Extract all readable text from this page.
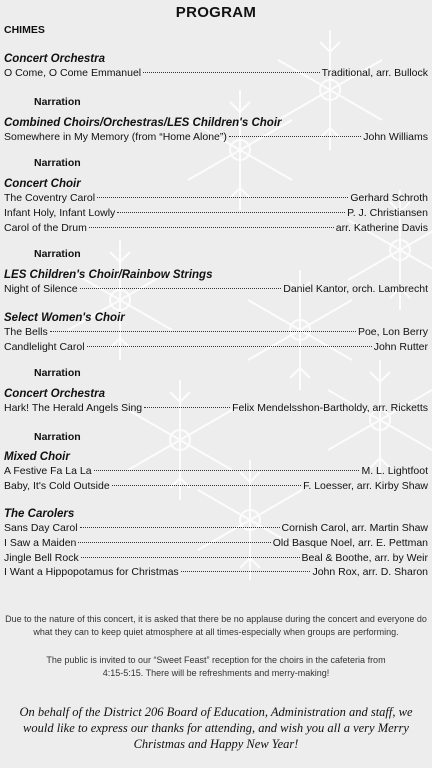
PROGRAM
CHIMES
Concert Orchestra
O Come, O Come Emmanuel	Traditional, arr. Bullock
Narration
Combined Choirs/Orchestras/LES Children's Choir
Somewhere in My Memory (from “Home Alone”)	John Williams
Narration
Concert Choir
The Coventry Carol	Gerhard Schroth
Infant Holy, Infant Lowly	P. J. Christiansen
Carol of the Drum	arr. Katherine Davis
Narration
LES Children's Choir/Rainbow Strings
Night of Silence	Daniel Kantor, orch. Lambrecht
Select Women's Choir
The Bells	Poe, Lon Berry
Candlelight Carol	John Rutter
Narration
Concert Orchestra
Hark! The Herald Angels Sing	Felix Mendelsshon-Bartholdy, arr. Ricketts
Narration
Mixed Choir
A Festive Fa La La	M. L. Lightfoot
Baby, It's Cold Outside	F. Loesser, arr. Kirby Shaw
The Carolers
Sans Day Carol	Cornish Carol, arr. Martin Shaw
I Saw a Maiden	Old Basque Noel, arr. E. Pettman
Jingle Bell Rock	Beal & Boothe, arr. by Weir
I Want a Hippopotamus for Christmas	John Rox, arr. D. Sharon
Due to the nature of this concert, it is asked that there be no applause during the concert and everyone do what they can to keep quiet atmosphere at all times-especially when groups are performing.
The public is invited to our “Sweet Feast” reception for the choirs in the cafeteria from 4:15-5:15. There will be refreshments and merry-making!
On behalf of the District 206 Board of Education, Administration and staff, we would like to express our thanks for attending, and wish you all a very Merry Christmas and Happy New Year!
